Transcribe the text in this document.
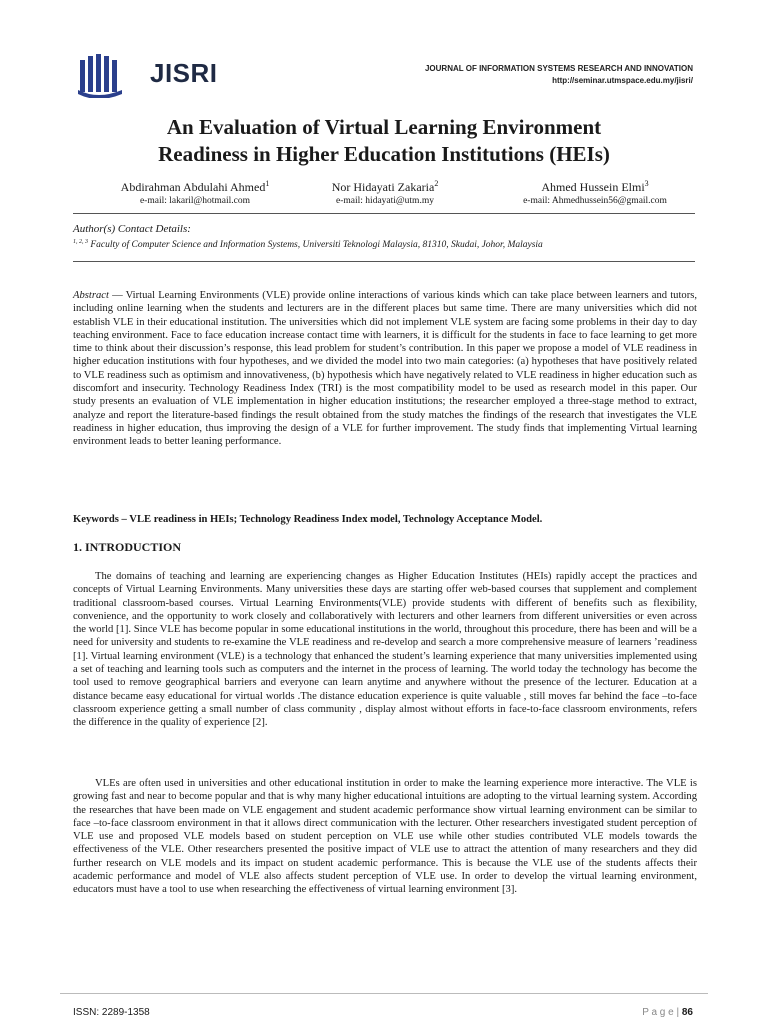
JISRI	JOURNAL OF INFORMATION SYSTEMS RESEARCH AND INNOVATION
http://seminar.utmspace.edu.my/jisri/
An Evaluation of Virtual Learning Environment
Readiness in Higher Education Institutions (HEIs)
Abdirahman Abdulahi Ahmed$^1$	Nor Hidayati Zakaria$^2$	Ahmed Hussein Elmi$^3$
e-mail: lakaril@hotmail.com	e-mail: hidayati@utm.my	e-mail: Ahmedhussein56@gmail.com
Author(s) Contact Details:
$^{1, 2, 3}$ Faculty of Computer Science and Information Systems, Universiti Teknologi Malaysia, 81310, Skudai, Johor, Malaysia
Abstract — Virtual Learning Environments (VLE) provide online interactions of various kinds which can take place between learners and tutors, including online learning when the students and lecturers are in the different places but same time. There are many universities which did not establish VLE in their educational institution. The universities which did not implement VLE system are facing some problems in their day to day teaching environment. Face to face education increase contact time with learners, it is difficult for the students in face to face learning to get more time to think about their discussion’s response, this lead problem for student’s contribution. In this paper we propose a model of VLE readiness in higher education institutions with four hypotheses, and we divided the model into two main categories: (a) hypotheses that have positively related to VLE readiness such as optimism and innovativeness, (b) hypothesis which have negatively related to VLE readiness in higher education such as discomfort and insecurity. Technology Readiness Index (TRI) is the most compatibility model to be used as research model in this paper. Our study presents an evaluation of VLE implementation in higher education institutions; the researcher employed a three-stage method to extract, analyze and report the literature-based findings the result obtained from the study matches the findings of the research that investigates the VLE readiness in higher education, thus improving the design of a VLE for further improvement. The study finds that implementing Virtual learning environment leads to better leaning performance.
Keywords – VLE readiness in HEIs; Technology Readiness Index model, Technology Acceptance Model.
1. INTRODUCTION
The domains of teaching and learning are experiencing changes as Higher Education Institutes (HEIs) rapidly accept the practices and concepts of Virtual Learning Environments. Many universities these days are starting offer web-based courses that supplement and complement traditional classroom-based courses. Virtual Learning Environments(VLE) provide students with different of benefits such as flexibility, convenience, and the opportunity to work closely and collaboratively with lecturers and other learners from different universities or even across the world [1]. Since VLE has become popular in some educational institutions in the world, throughout this procedure, there has been and will be a need for university and students to re-examine the VLE readiness and re-develop and search a more comprehensive measure of learners ’readiness [1]. Virtual learning environment (VLE) is a technology that enhanced the student’s learning experience that many universities implemented using a set of teaching and learning tools such as computers and the internet in the process of learning. The world today the technology has become the tool used to remove geographical barriers and everyone can learn anytime and anywhere without the presence of the lecturer. Education at a distance became easy educational for virtual worlds .The distance education experience is quite valuable , still moves far behind the face –to-face classroom experience getting a small number of class community , display almost without efforts in face-to-face classroom environments, refers the difference in the quality of experience [2].
VLEs are often used in universities and other educational institution in order to make the learning experience more interactive. The VLE is growing fast and near to become popular and that is why many higher educational intuitions are adopting to the virtual learning system. According the researches that have been made on VLE engagement and student academic performance show virtual learning environment can be similar to face –to-face classroom environment in that it allows direct communication with the lecturer. Other researchers investigated student perception of VLE use and proposed VLE models based on student perception on VLE use while other studies contributed VLE models towards the effectiveness of the VLE. Other researchers presented the positive impact of VLE use to attract the attention of many researchers and they did further research on VLE models and its impact on student academic performance. This is because the VLE use of the students affects their academic performance and model of VLE also affects student perception of VLE use. In order to develop the virtual learning environment, educators must have a tool to use when researching the effectiveness of virtual learning environment [3].
ISSN: 2289-1358	P a g e | 86
